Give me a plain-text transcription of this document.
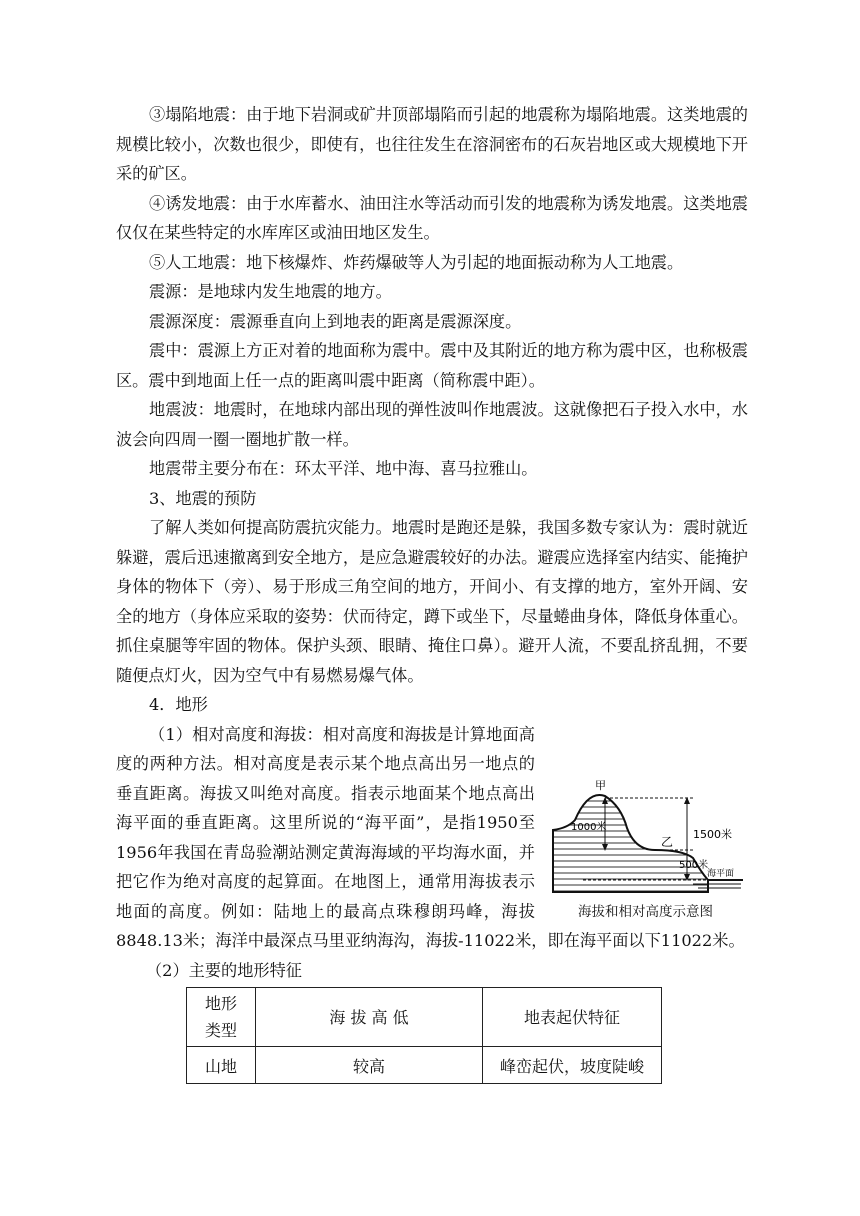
③塌陷地震：由于地下岩洞或矿井顶部塌陷而引起的地震称为塌陷地震。这类地震的规模比较小，次数也很少，即使有，也往往发生在溶洞密布的石灰岩地区或大规模地下开采的矿区。

④诱发地震：由于水库蓄水、油田注水等活动而引发的地震称为诱发地震。这类地震仅仅在某些特定的水库库区或油田地区发生。

⑤人工地震：地下核爆炸、炸药爆破等人为引起的地面振动称为人工地震。

震源：是地球内发生地震的地方。

震源深度：震源垂直向上到地表的距离是震源深度。

震中：震源上方正对着的地面称为震中。震中及其附近的地方称为震中区，也称极震区。震中到地面上任一点的距离叫震中距离（简称震中距）。

地震波：地震时，在地球内部出现的弹性波叫作地震波。这就像把石子投入水中，水波会向四周一圈一圈地扩散一样。

地震带主要分布在：环太平洋、地中海、喜马拉雅山。

3、地震的预防

了解人类如何提高防震抗灾能力。地震时是跑还是躲，我国多数专家认为：震时就近躲避，震后迅速撤离到安全地方，是应急避震较好的办法。避震应选择室内结实、能掩护身体的物体下（旁）、易于形成三角空间的地方，开间小、有支撑的地方，室外开阔、安全的地方（身体应采取的姿势：伏而待定，蹲下或坐下，尽量蜷曲身体，降低身体重心。抓住桌腿等牢固的物体。保护头颈、眼睛、掩住口鼻）。避开人流，不要乱挤乱拥，不要随便点灯火，因为空气中有易燃易爆气体。

4．地形

甲
1000米
乙
500米
1500米
海平面
海拔和相对高度示意图

（1）相对高度和海拔：相对高度和海拔是计算地面高度的两种方法。相对高度是表示某个地点高出另一地点的垂直距离。海拔又叫绝对高度。指表示地面某个地点高出海平面的垂直距离。这里所说的“海平面”，是指1950至1956年我国在青岛验潮站测定黄海海域的平均海水面，并把它作为绝对高度的起算面。在地图上，通常用海拔表示地面的高度。例如：陆地上的最高点珠穆朗玛峰，海拔8848.13米；海洋中最深点马里亚纳海沟，海拔-11022米，即在海平面以下11022米。

（2）主要的地形特征

地形
类型	海 拔 高 低	地表起伏特征
山地	较高	峰峦起伏，坡度陡峻
